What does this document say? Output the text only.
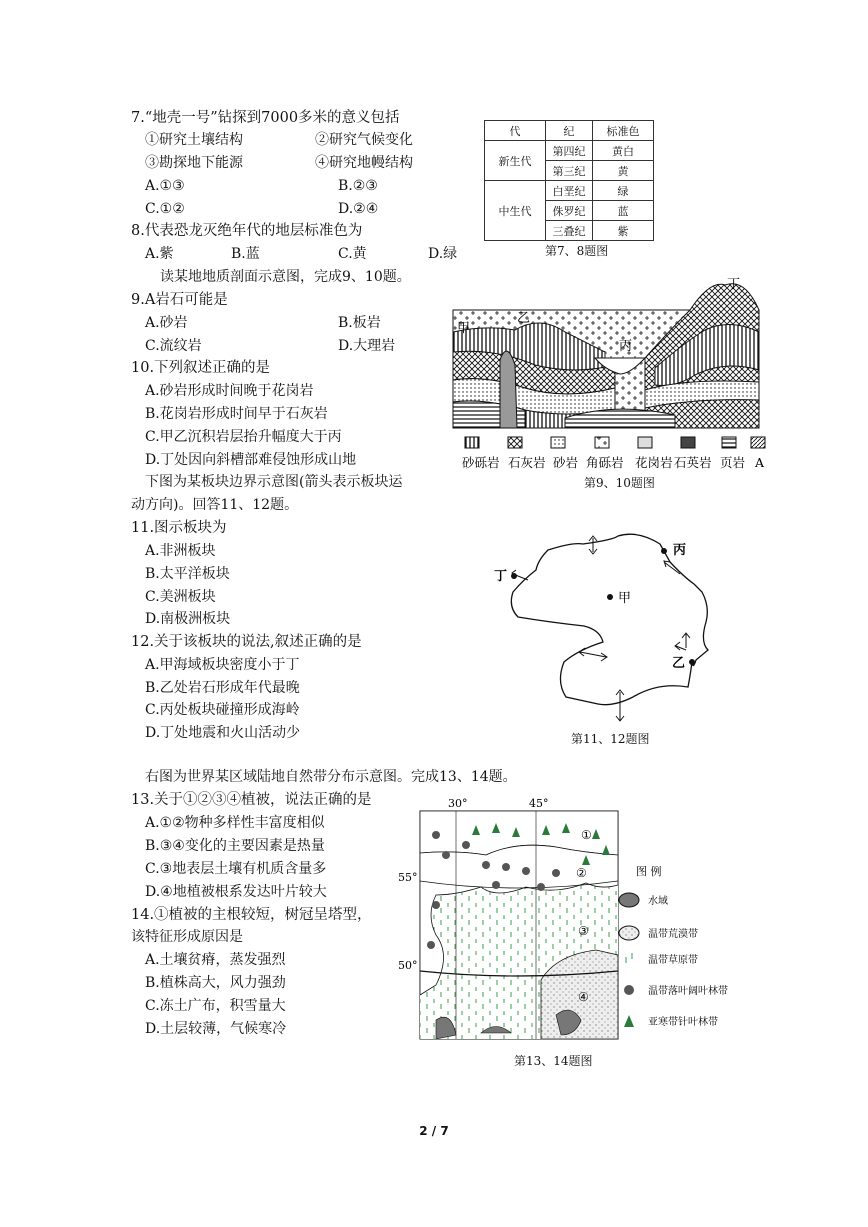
7.“地壳一号”钻探到7000多米的意义包括
①研究土壤结构	②研究气候变化
③勘探地下能源	④研究地幔结构
A.①③	B.②③
C.①②	D.②④
8.代表恐龙灭绝年代的地层标准色为
A.紫	B.蓝	C.黄	D.绿
读某地地质剖面示意图，完成9、10题。
9.A岩石可能是
A.砂岩	B.板岩
C.流纹岩	D.大理岩
10.下列叙述正确的是
A.砂岩形成时间晚于花岗岩
B.花岗岩形成时间早于石灰岩
C.甲乙沉积岩层抬升幅度大于丙
D.丁处因向斜槽部难侵蚀形成山地
下图为某板块边界示意图(箭头表示板块运
动方向)。回答11、12题。
11.图示板块为
A.非洲板块
B.太平洋板块
C.美洲板块
D.南极洲板块
12.关于该板块的说法,叙述正确的是
A.甲海域板块密度小于丁
B.乙处岩石形成年代最晚
C.丙处板块碰撞形成海岭
D.丁处地震和火山活动少
右图为世界某区域陆地自然带分布示意图。完成13、14题。
13.关于①②③④植被，说法正确的是
A.①②物种多样性丰富度相似
B.③④变化的主要因素是热量
C.③地表层土壤有机质含量多
D.④地植被根系发达叶片较大
14.①植被的主根较短，树冠呈塔型，
该特征形成原因是
A.土壤贫瘠，蒸发强烈
B.植株高大，风力强劲
C.冻土广布，积雪量大
D.土层较薄，气候寒冷
代	纪	标准色
新生代	第四纪	黄白
	第三纪	黄
中生代	白垩纪	绿
	侏罗纪	蓝
	三叠纪	紫
第7、8题图
甲
乙
丙
丁
砂砾岩 石灰岩 砂岩 角砾岩 花岗岩 石英岩 页岩 A
第9、10题图
甲
丙
丁
乙
第11、12题图
①
②
③
④
30°	45°
55°
50°
图 例
水域
温带荒漠带
温带草原带
温带落叶阔叶林带
亚寒带针叶林带
第13、14题图
2 / 7
